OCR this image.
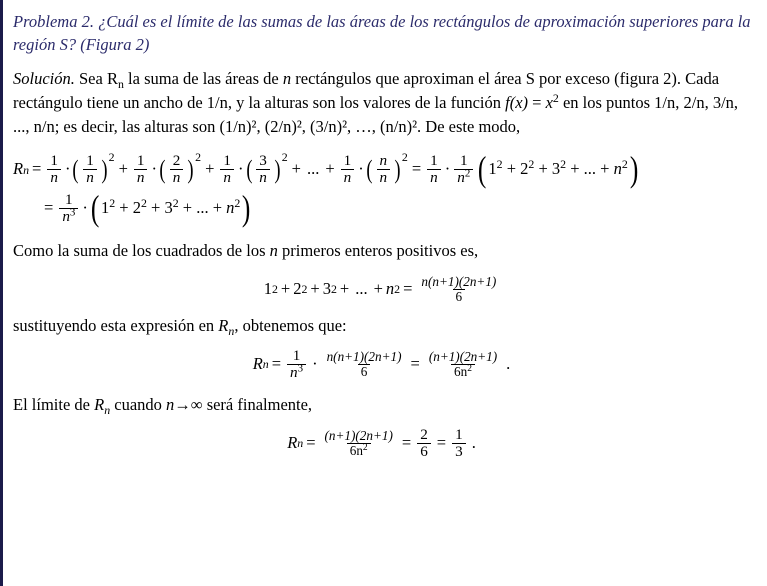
Problema 2. ¿Cuál es el límite de las sumas de las áreas de los rectángulos de aproximación superiores para la región S? (Figura 2)

Solución. Sea $R_n$ la suma de las áreas de n rectángulos que aproximan el área S por exceso (figura 2). Cada rectángulo tiene un ancho de 1/n, y la alturas son los valores de la función $f(x) = x^2$ en los puntos 1/n, 2/n, 3/n, ..., n/n; es decir, las alturas son (1/n)², (2/n)², (3/n)², …, (n/n)². De este modo,

R $n = \frac{1}{n}$ · ( $\frac{1}{n}$ ) 2
+ $\frac{1}{n}$ · ( $\frac{2}{n}$ ) 2
+ $\frac{1}{n}$ · ( $\frac{3}{n}$ ) 2
+ ... + $\frac{1}{n}$ · ( $\frac{n}{n}$ ) 2
= $\frac{1}{n} \cdot \frac{1}{n^2}$ ( $1^2 + 2^2 + 3^2$ + ... + $n^2$ )
= $\frac{1}{n^3}$ · ( $1^2 + 2^2 + 3^2$ + ... + $n^2$ )

Como la suma de los cuadrados de los n primeros enteros positivos es,

1 2 + 2 2 + 3 2 + ... + n $2 = \frac{n(n+1)(2n+1)}{6}$

sustituyendo esta expresión en $R_n$, obtenemos que:

R $n = \frac{1}{n^3} \cdot \frac{n(n+1)(2n+1)}{6} = \frac{(n+1)(2n+1)}{6n^2}$ .

El límite de $R_n$ cuando n→∞ será finalmente,

R $n = \frac{(n+1)(2n+1)}{6n^2} = \frac{2}{6} = \frac{1}{3}$ .
